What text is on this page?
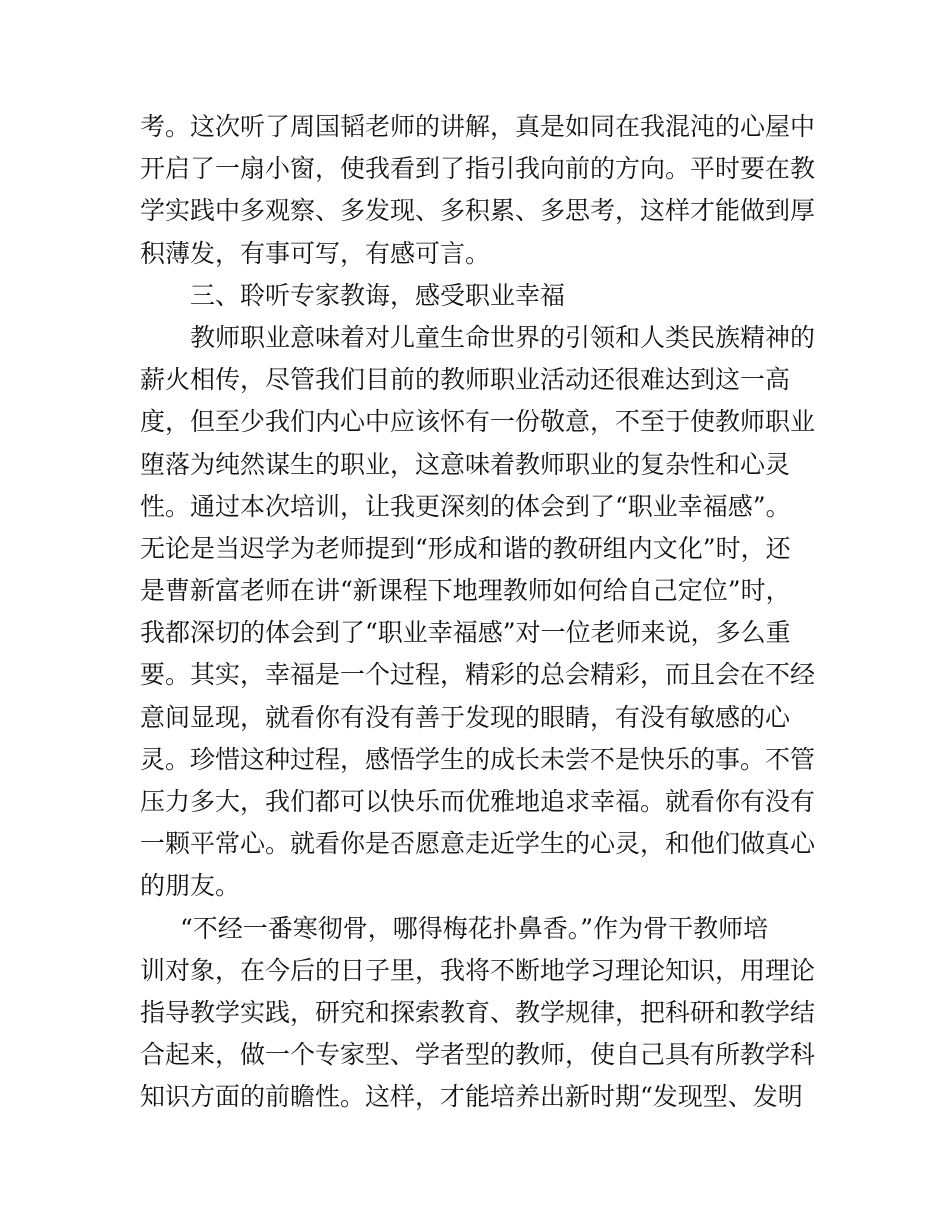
考。这次听了周国韬老师的讲解，真是如同在我混沌的心屋中
开启了一扇小窗，使我看到了指引我向前的方向。平时要在教
学实践中多观察、多发现、多积累、多思考，这样才能做到厚
积薄发，有事可写，有感可言。
三、聆听专家教诲，感受职业幸福
教师职业意味着对儿童生命世界的引领和人类民族精神的
薪火相传，尽管我们目前的教师职业活动还很难达到这一高
度，但至少我们内心中应该怀有一份敬意，不至于使教师职业
堕落为纯然谋生的职业，这意味着教师职业的复杂性和心灵
性。通过本次培训，让我更深刻的体会到了“职业幸福感”。
无论是当迟学为老师提到“形成和谐的教研组内文化”时，还
是曹新富老师在讲“新课程下地理教师如何给自己定位”时，
我都深切的体会到了“职业幸福感”对一位老师来说，多么重
要。其实，幸福是一个过程，精彩的总会精彩，而且会在不经
意间显现，就看你有没有善于发现的眼睛，有没有敏感的心
灵。珍惜这种过程，感悟学生的成长未尝不是快乐的事。不管
压力多大，我们都可以快乐而优雅地追求幸福。就看你有没有
一颗平常心。就看你是否愿意走近学生的心灵，和他们做真心
的朋友。
“不经一番寒彻骨，哪得梅花扑鼻香。”作为骨干教师培
训对象，在今后的日子里，我将不断地学习理论知识，用理论
指导教学实践，研究和探索教育、教学规律，把科研和教学结
合起来，做一个专家型、学者型的教师，使自己具有所教学科
知识方面的前瞻性。这样，才能培养出新时期“发现型、发明
